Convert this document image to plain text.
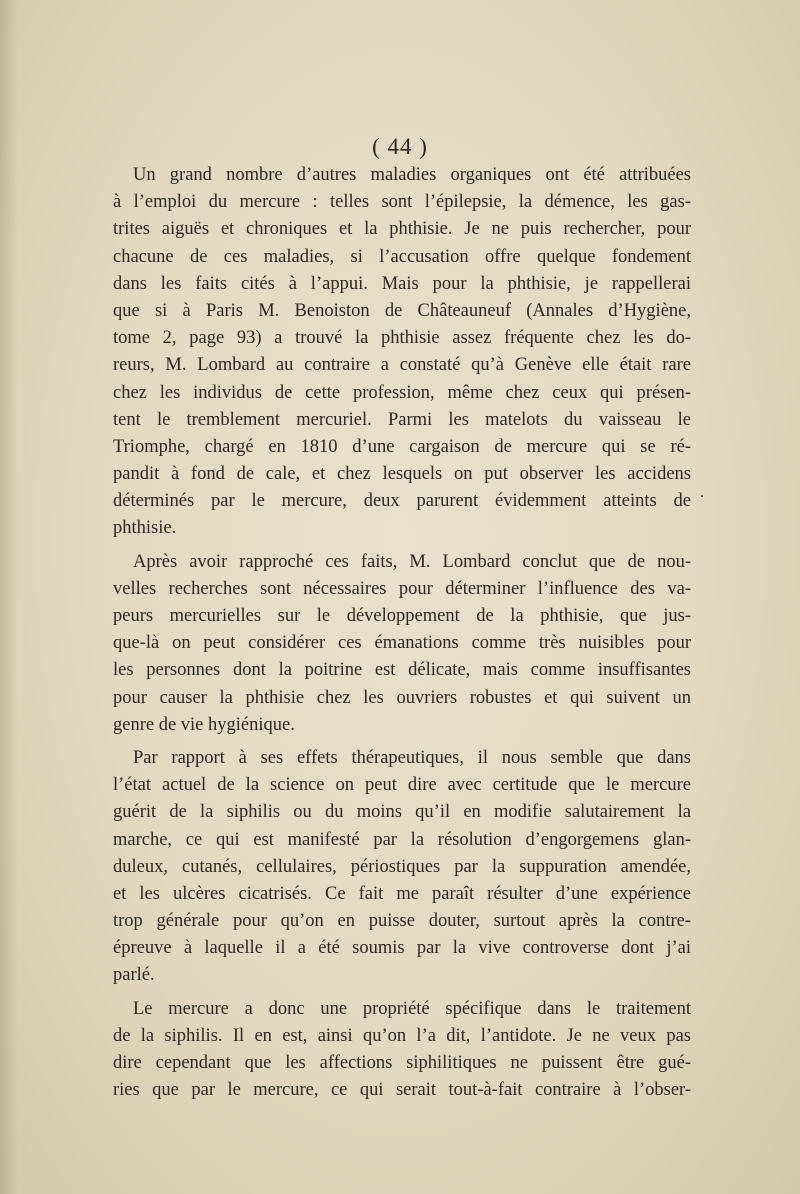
( 44 )
Un grand nombre d’autres maladies organiques ont été attribuées
à l’emploi du mercure : telles sont l’épilepsie, la démence, les gas-
trites aiguës et chroniques et la phthisie. Je ne puis rechercher, pour
chacune de ces maladies, si l’accusation offre quelque fondement
dans les faits cités à l’appui. Mais pour la phthisie, je rappellerai
que si à Paris M. Benoiston de Châteauneuf (Annales d’Hygiène,
tome 2, page 93) a trouvé la phthisie assez fréquente chez les do-
reurs, M. Lombard au contraire a constaté qu’à Genève elle était rare
chez les individus de cette profession, même chez ceux qui présen-
tent le tremblement mercuriel. Parmi les matelots du vaisseau le
Triomphe, chargé en 1810 d’une cargaison de mercure qui se ré-
pandit à fond de cale, et chez lesquels on put observer les accidens
déterminés par le mercure, deux parurent évidemment atteints de
phthisie.
Après avoir rapproché ces faits, M. Lombard conclut que de nou-
velles recherches sont nécessaires pour déterminer l’influence des va-
peurs mercurielles sur le développement de la phthisie, que jus-
que-là on peut considérer ces émanations comme très nuisibles pour
les personnes dont la poitrine est délicate, mais comme insuffisantes
pour causer la phthisie chez les ouvriers robustes et qui suivent un
genre de vie hygiénique.
Par rapport à ses effets thérapeutiques, il nous semble que dans
l’état actuel de la science on peut dire avec certitude que le mercure
guérit de la siphilis ou du moins qu’il en modifie salutairement la
marche, ce qui est manifesté par la résolution d’engorgemens glan-
duleux, cutanés, cellulaires, périostiques par la suppuration amendée,
et les ulcères cicatrisés. Ce fait me paraît résulter d’une expérience
trop générale pour qu’on en puisse douter, surtout après la contre-
épreuve à laquelle il a été soumis par la vive controverse dont j’ai
parlé.
Le mercure a donc une propriété spécifique dans le traitement
de la siphilis. Il en est, ainsi qu’on l’a dit, l’antidote. Je ne veux pas
dire cependant que les affections siphilitiques ne puissent être gué-
ries que par le mercure, ce qui serait tout-à-fait contraire à l’obser-
.
